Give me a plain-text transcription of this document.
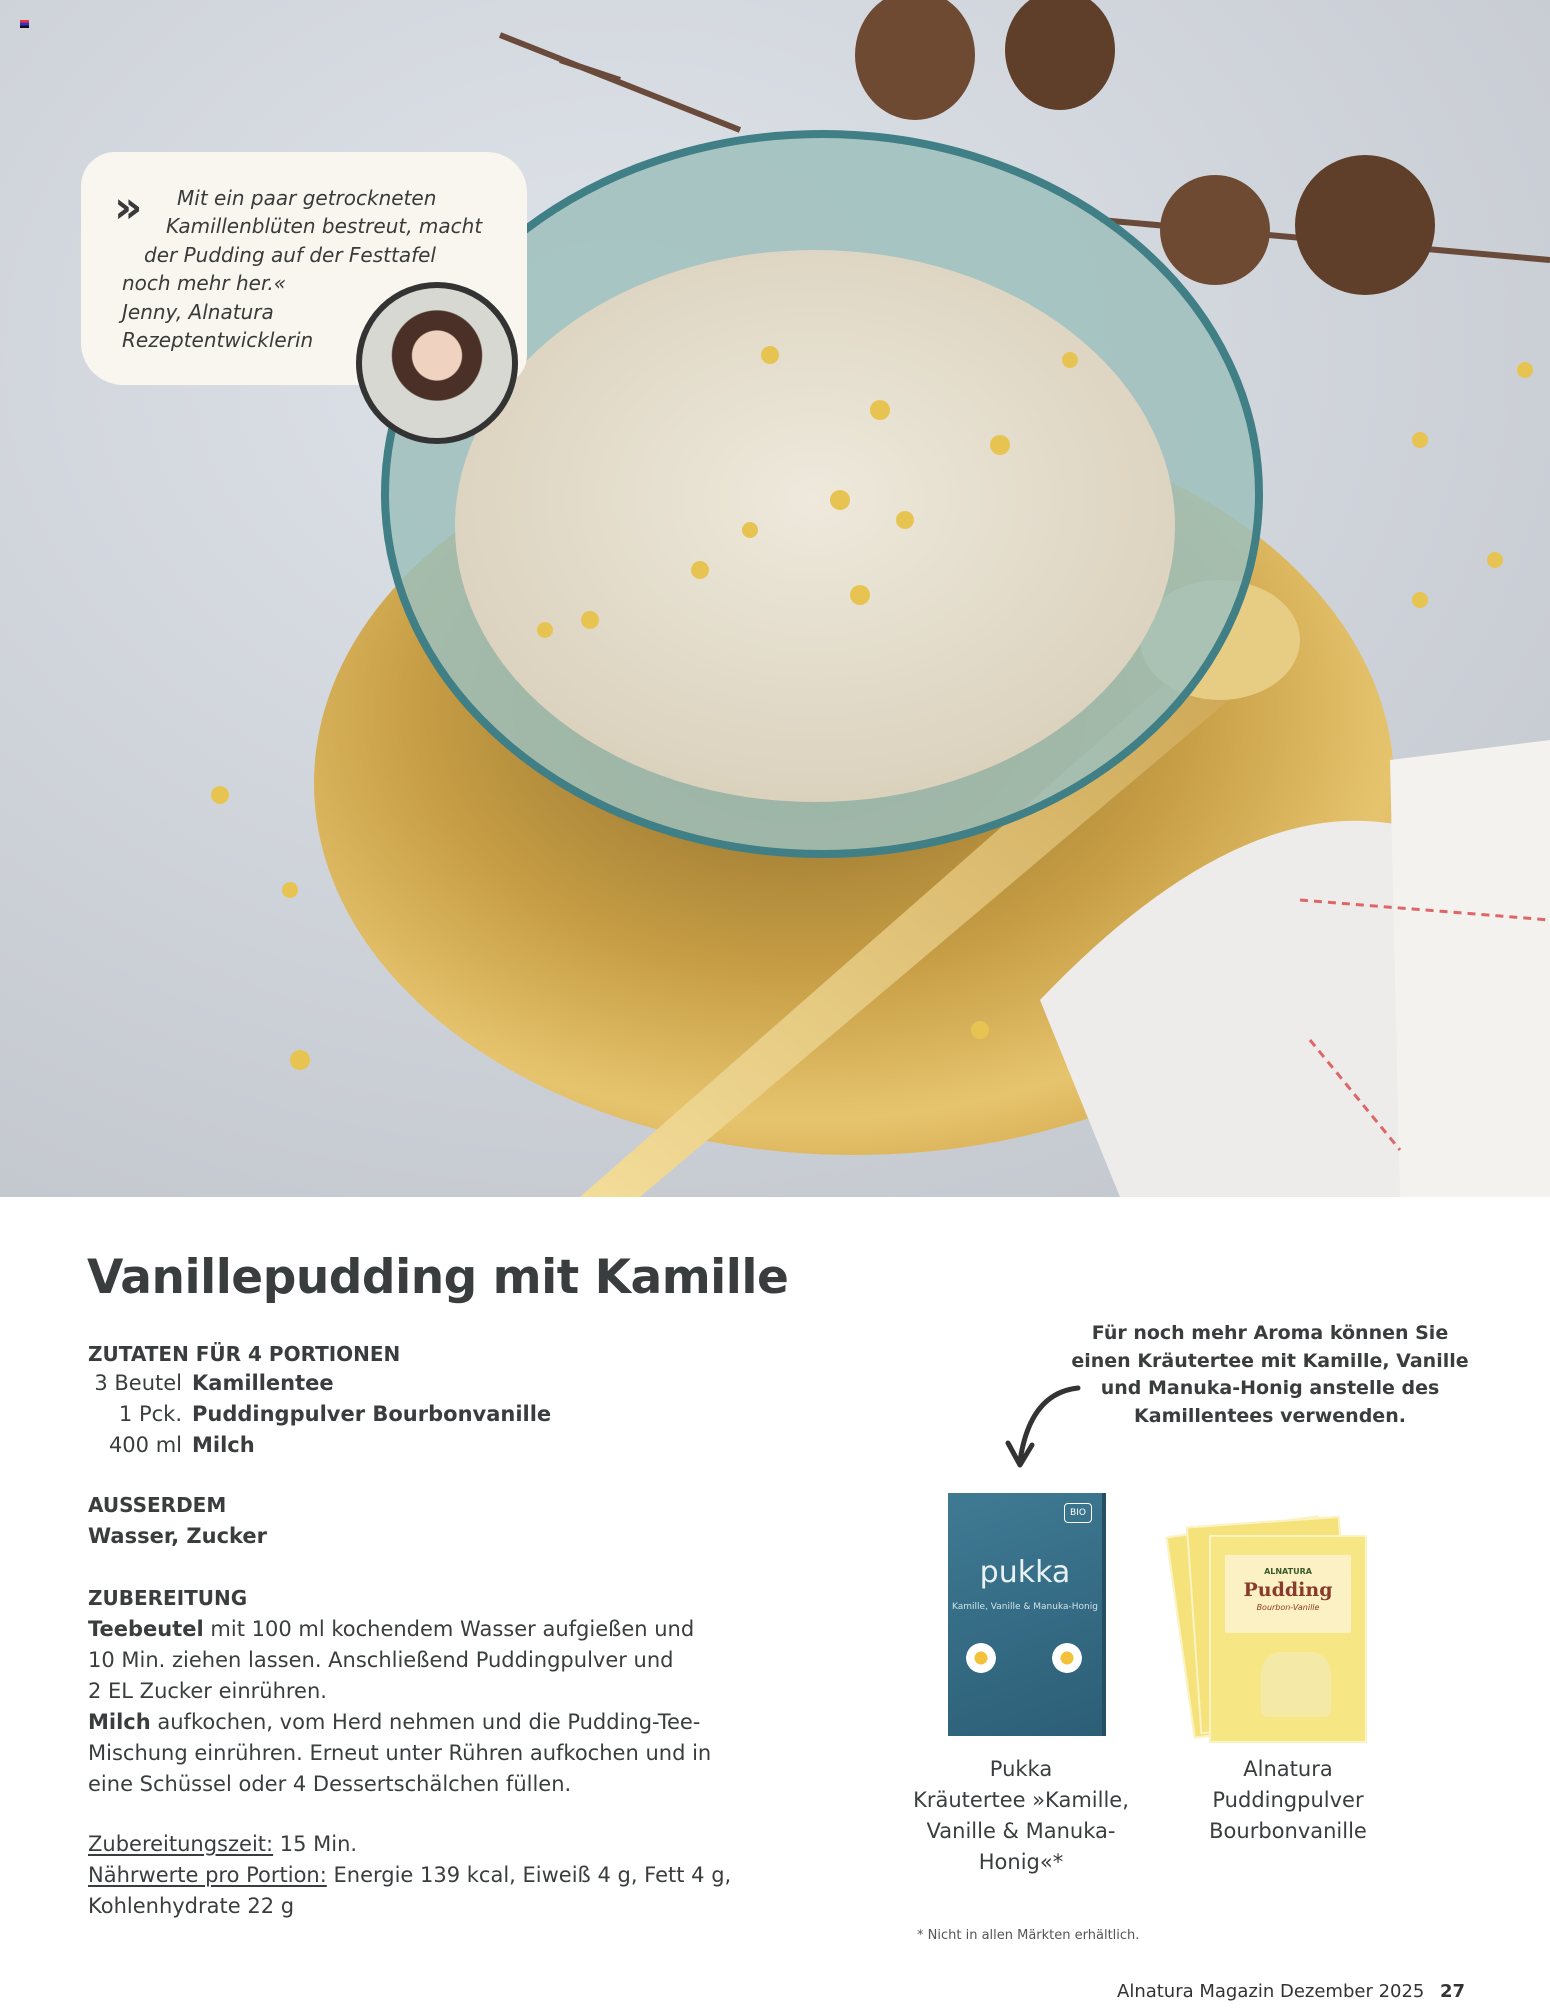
» Mit ein paar getrockneten
Kamillenblüten bestreut, macht
der Pudding auf der Festtafel
noch mehr her.«
Jenny, Alnatura
Rezeptentwicklerin
Vanillepudding mit Kamille
ZUTATEN FÜR 4 PORTIONEN
3 Beutel Kamillentee
1 Pck. Puddingpulver Bourbonvanille
400 ml Milch
AUSSERDEM
Wasser, Zucker
ZUBEREITUNG
Teebeutel mit 100 ml kochendem Wasser aufgießen und
10 Min. ziehen lassen. Anschließend Puddingpulver und
2 EL Zucker einrühren.
Milch aufkochen, vom Herd nehmen und die Pudding-Tee-
Mischung einrühren. Erneut unter Rühren aufkochen und in
eine Schüssel oder 4 Dessertschälchen füllen.
Zubereitungszeit: 15 Min.
Nährwerte pro Portion: Energie 139 kcal, Eiweiß 4 g, Fett 4 g,
Kohlenhydrate 22 g
Für noch mehr Aroma können Sie
einen Kräutertee mit Kamille, Vanille
und Manuka-Honig anstelle des
Kamillentees verwenden.
BIO
pukka
Kamille, Vanille & Manuka-Honig
ALNATURA
Pudding
Bourbon-Vanille
Pukka
Kräutertee »Kamille,
Vanille & Manuka-
Honig«*
Alnatura
Puddingpulver
Bourbonvanille
* Nicht in allen Märkten erhältlich.
Alnatura Magazin Dezember 2025 27
